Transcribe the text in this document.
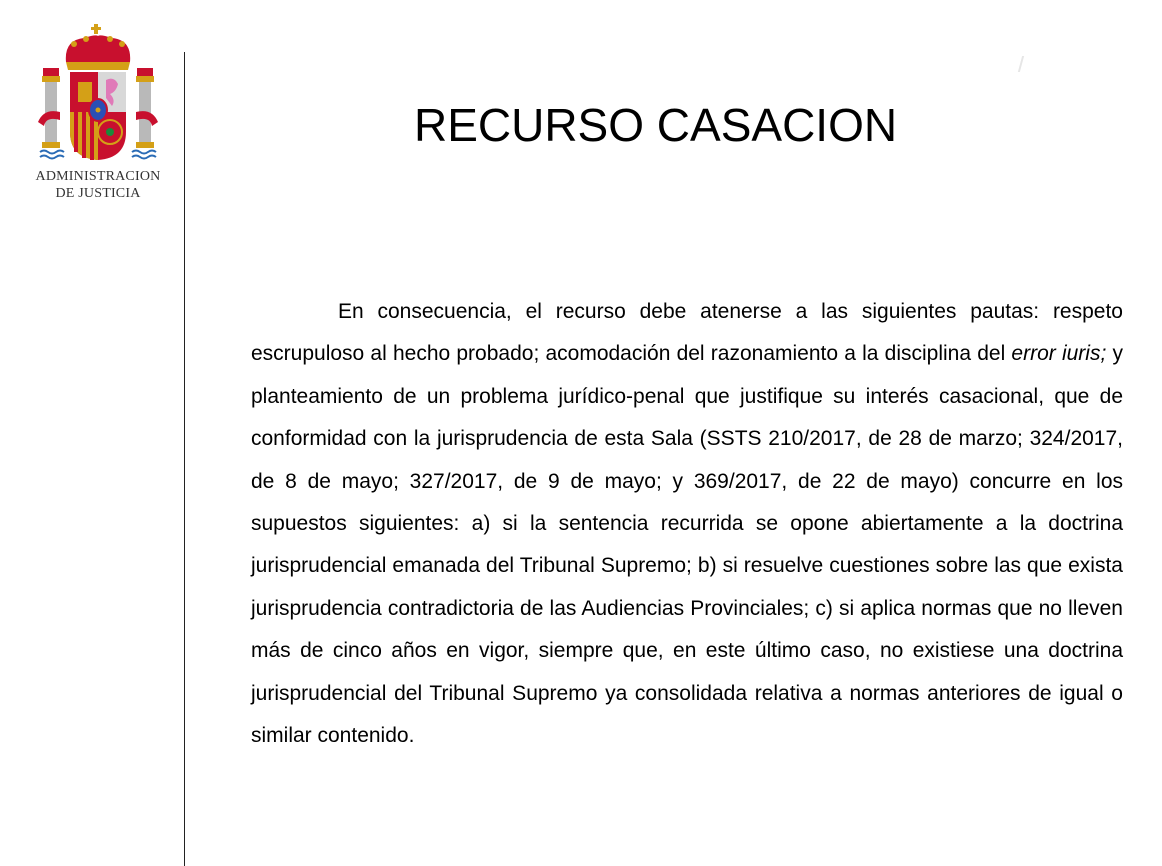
ADMINISTRACION
DE JUSTICIA
RECURSO CASACION

En consecuencia, el recurso debe atenerse a las siguientes pautas: respeto escrupuloso al hecho probado; acomodación del razonamiento a la disciplina del error iuris; y planteamiento de un problema jurídico-penal que justifique su interés casacional, que de conformidad con la jurisprudencia de esta Sala (SSTS 210/2017, de 28 de marzo; 324/2017, de 8 de mayo; 327/2017, de 9 de mayo; y 369/2017, de 22 de mayo) concurre en los supuestos siguientes: a) si la sentencia recurrida se opone abiertamente a la doctrina jurisprudencial emanada del Tribunal Supremo; b) si resuelve cuestiones sobre las que exista jurisprudencia contradictoria de las Audiencias Provinciales; c) si aplica normas que no lleven más de cinco años en vigor, siempre que, en este último caso, no existiese una doctrina jurisprudencial del Tribunal Supremo ya consolidada relativa a normas anteriores de igual o similar contenido.
